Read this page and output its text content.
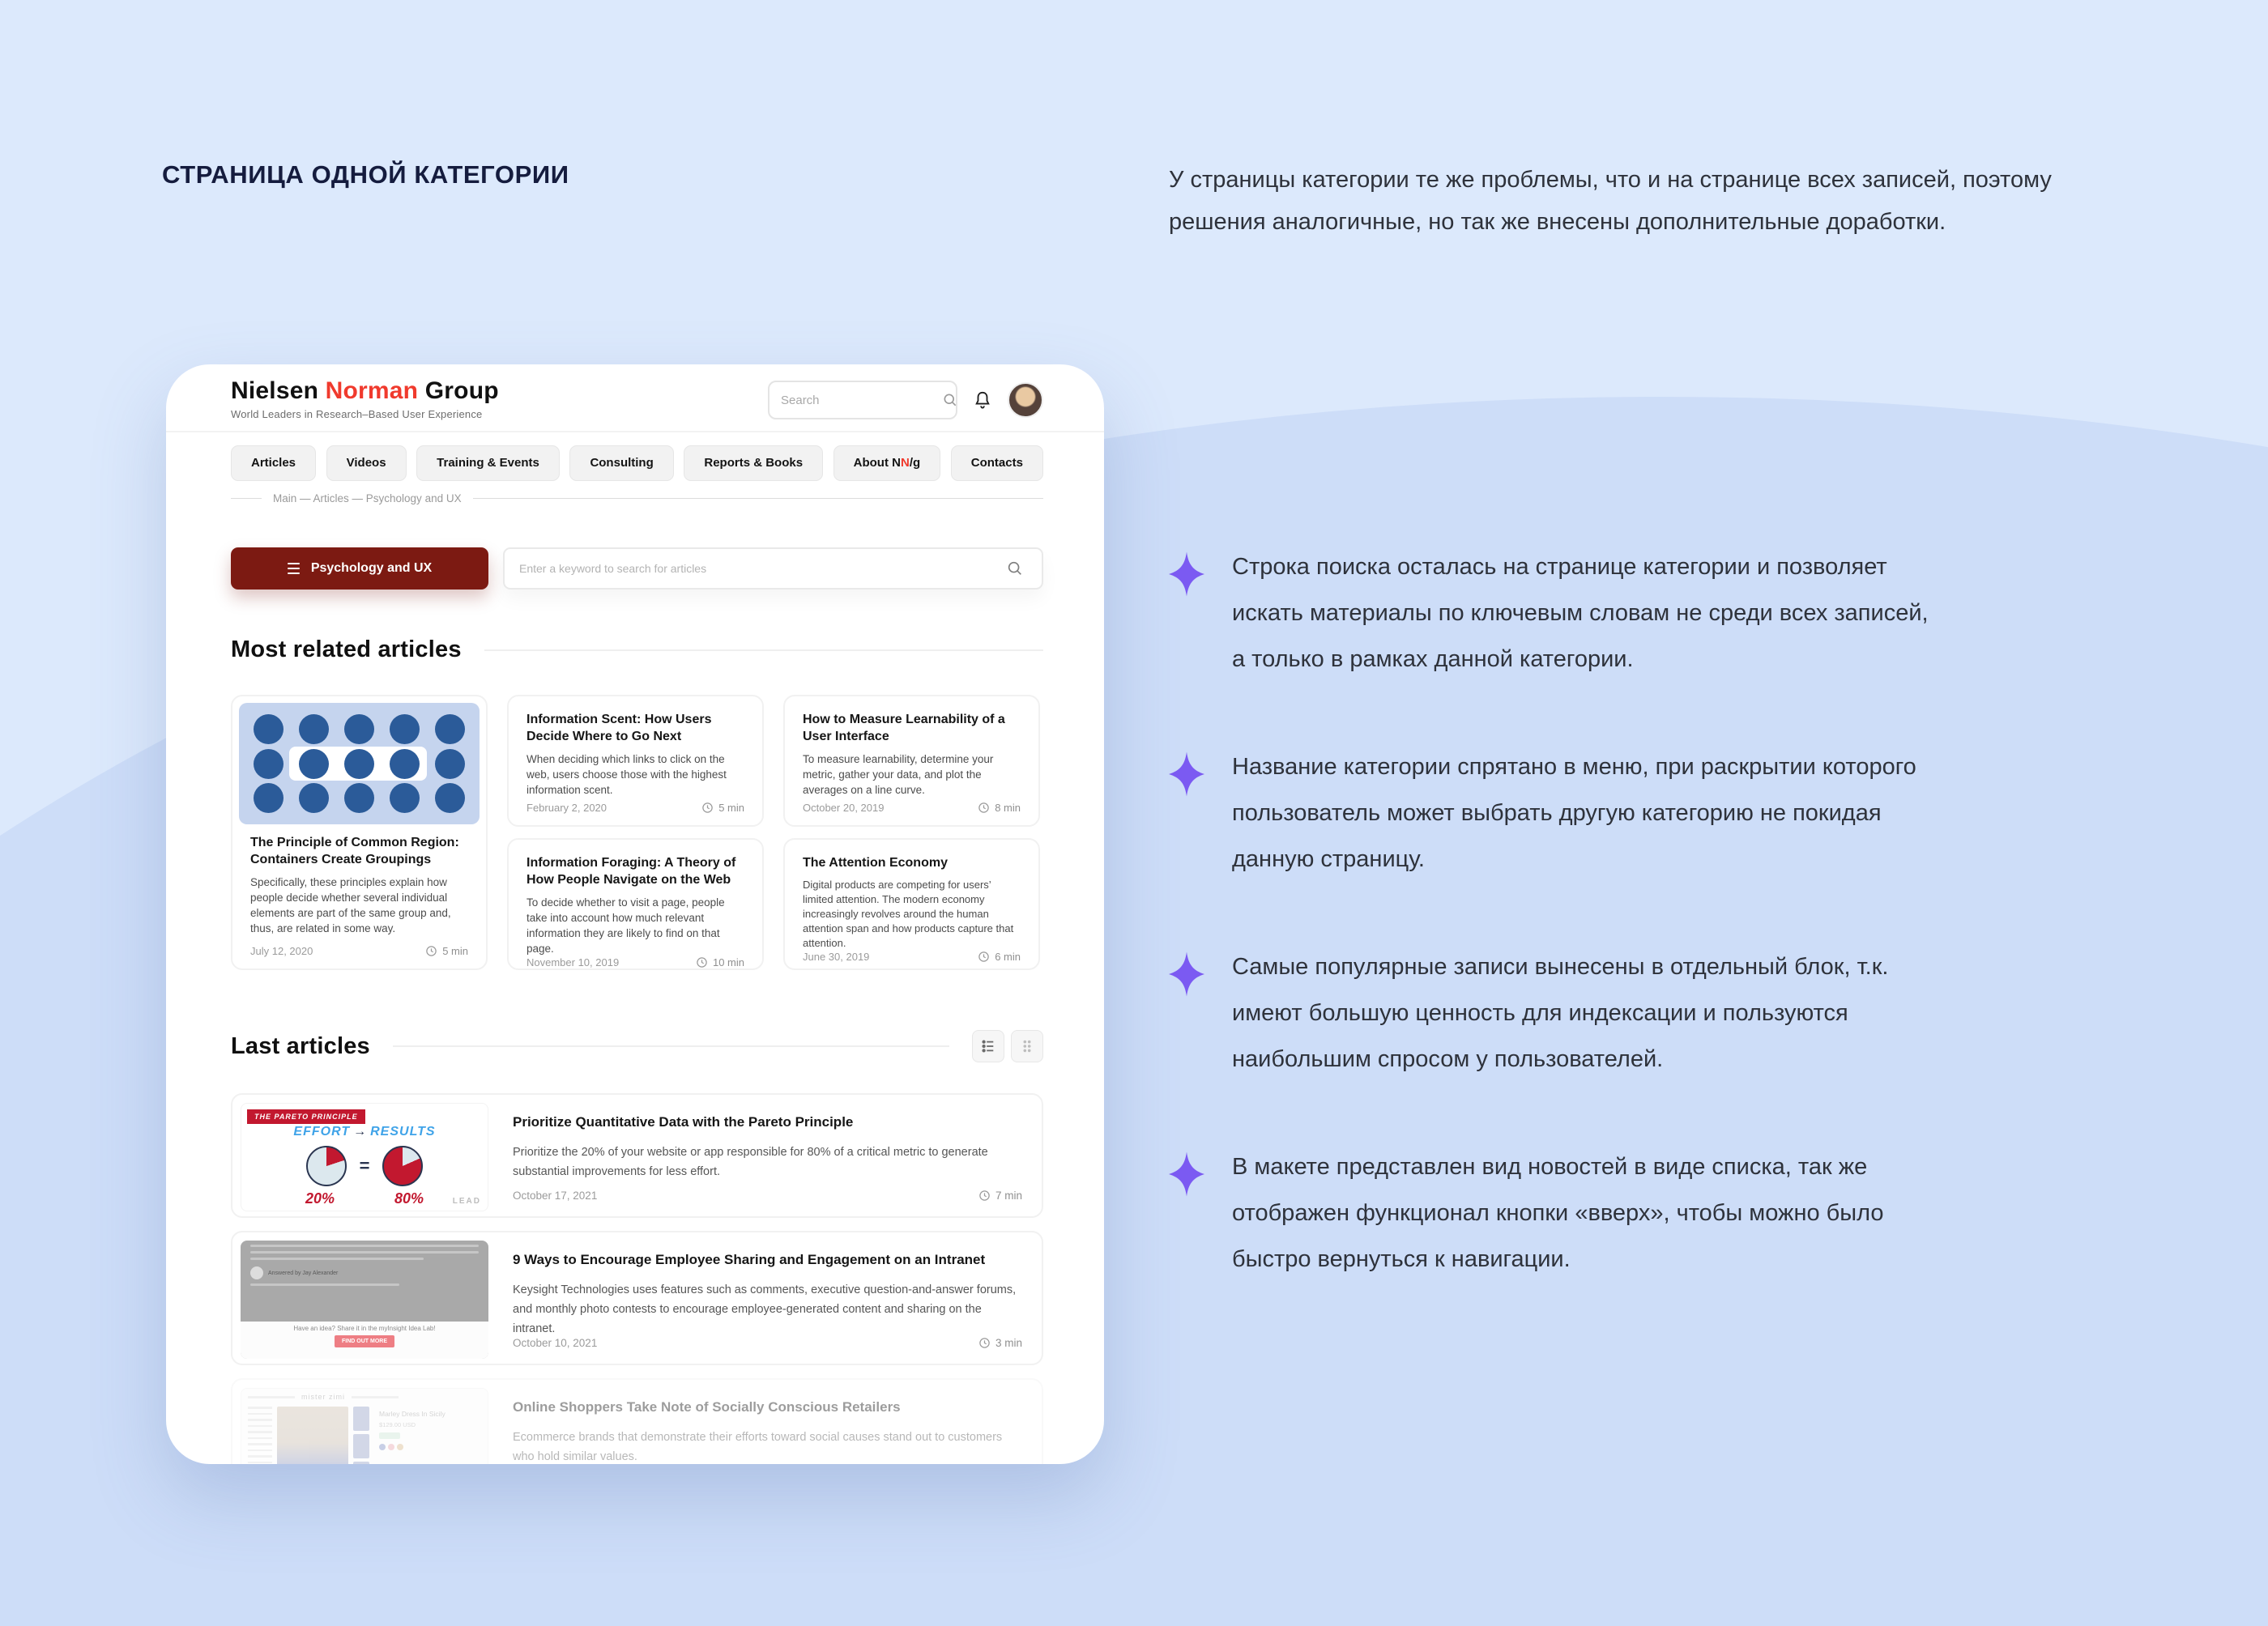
СТРАНИЦА ОДНОЙ КАТЕГОРИИ	У страницы категории те же проблемы, что и на странице всех записей, поэтому
решения аналогичные, но так же внесены дополнительные доработки.
Nielsen Norman Group
World Leaders in Research–Based User Experience
Search
Articles	Videos	Training & Events	Consulting	Reports & Books	About NN/g	Contacts
Main — Articles — Psychology and UX
Psychology and UX
Enter a keyword to search for articles
Most related articles
The Principle of Common Region: Containers Create Groupings
Specifically, these principles explain how people decide whether several individual elements are part of the same group and, thus, are related in some way.
July 12, 2020	5 min
Information Scent: How Users Decide Where to Go Next
When deciding which links to click on the web, users choose those with the highest information scent.
February 2, 2020	5 min
How to Measure Learnability of a User Interface
To measure learnability, determine your metric, gather your data, and plot the averages on a line curve.
October 20, 2019	8 min
Information Foraging: A Theory of How People Navigate on the Web
To decide whether to visit a page, people take into account how much relevant information they are likely to find on that page.
November 10, 2019	10 min
The Attention Economy
Digital products are competing for users’ limited attention. The modern economy increasingly revolves around the human attention span and how products capture that attention.
June 30, 2019	6 min
Last articles
THE PARETO PRINCIPLE
EFFORT → RESULTS
=
20%	80%	LEAD
Prioritize Quantitative Data with the Pareto Principle
Prioritize the 20% of your website or app responsible for 80% of a critical metric to generate substantial improvements for less effort.
October 17, 2021	7 min
Answered by Jay Alexander
Have an idea? Share it in the myInsight Idea Lab!
FIND OUT MORE
9 Ways to Encourage Employee Sharing and Engagement on an Intranet
Keysight Technologies uses features such as comments, executive question-and-answer forums, and monthly photo contests to encourage employee-generated content and sharing on the intranet.
October 10, 2021	3 min
mister zimi
Marley Dress In Sicily
$129.00 USD
Online Shoppers Take Note of Socially Conscious Retailers
Ecommerce brands that demonstrate their efforts toward social causes stand out to customers who hold similar values.
Строка поиска осталась на странице категории и позволяет
искать материалы по ключевым словам не среди всех записей,
а только в рамках данной категории.
Название категории спрятано в меню, при раскрытии которого
пользователь может выбрать другую категорию не покидая
данную страницу.
Самые популярные записи вынесены в отдельный блок, т.к.
имеют большую ценность для индексации и пользуются
наибольшим спросом у пользователей.
В макете представлен вид новостей в виде списка, так же
отображен функционал кнопки «вверх», чтобы можно было
быстро вернуться к навигации.
